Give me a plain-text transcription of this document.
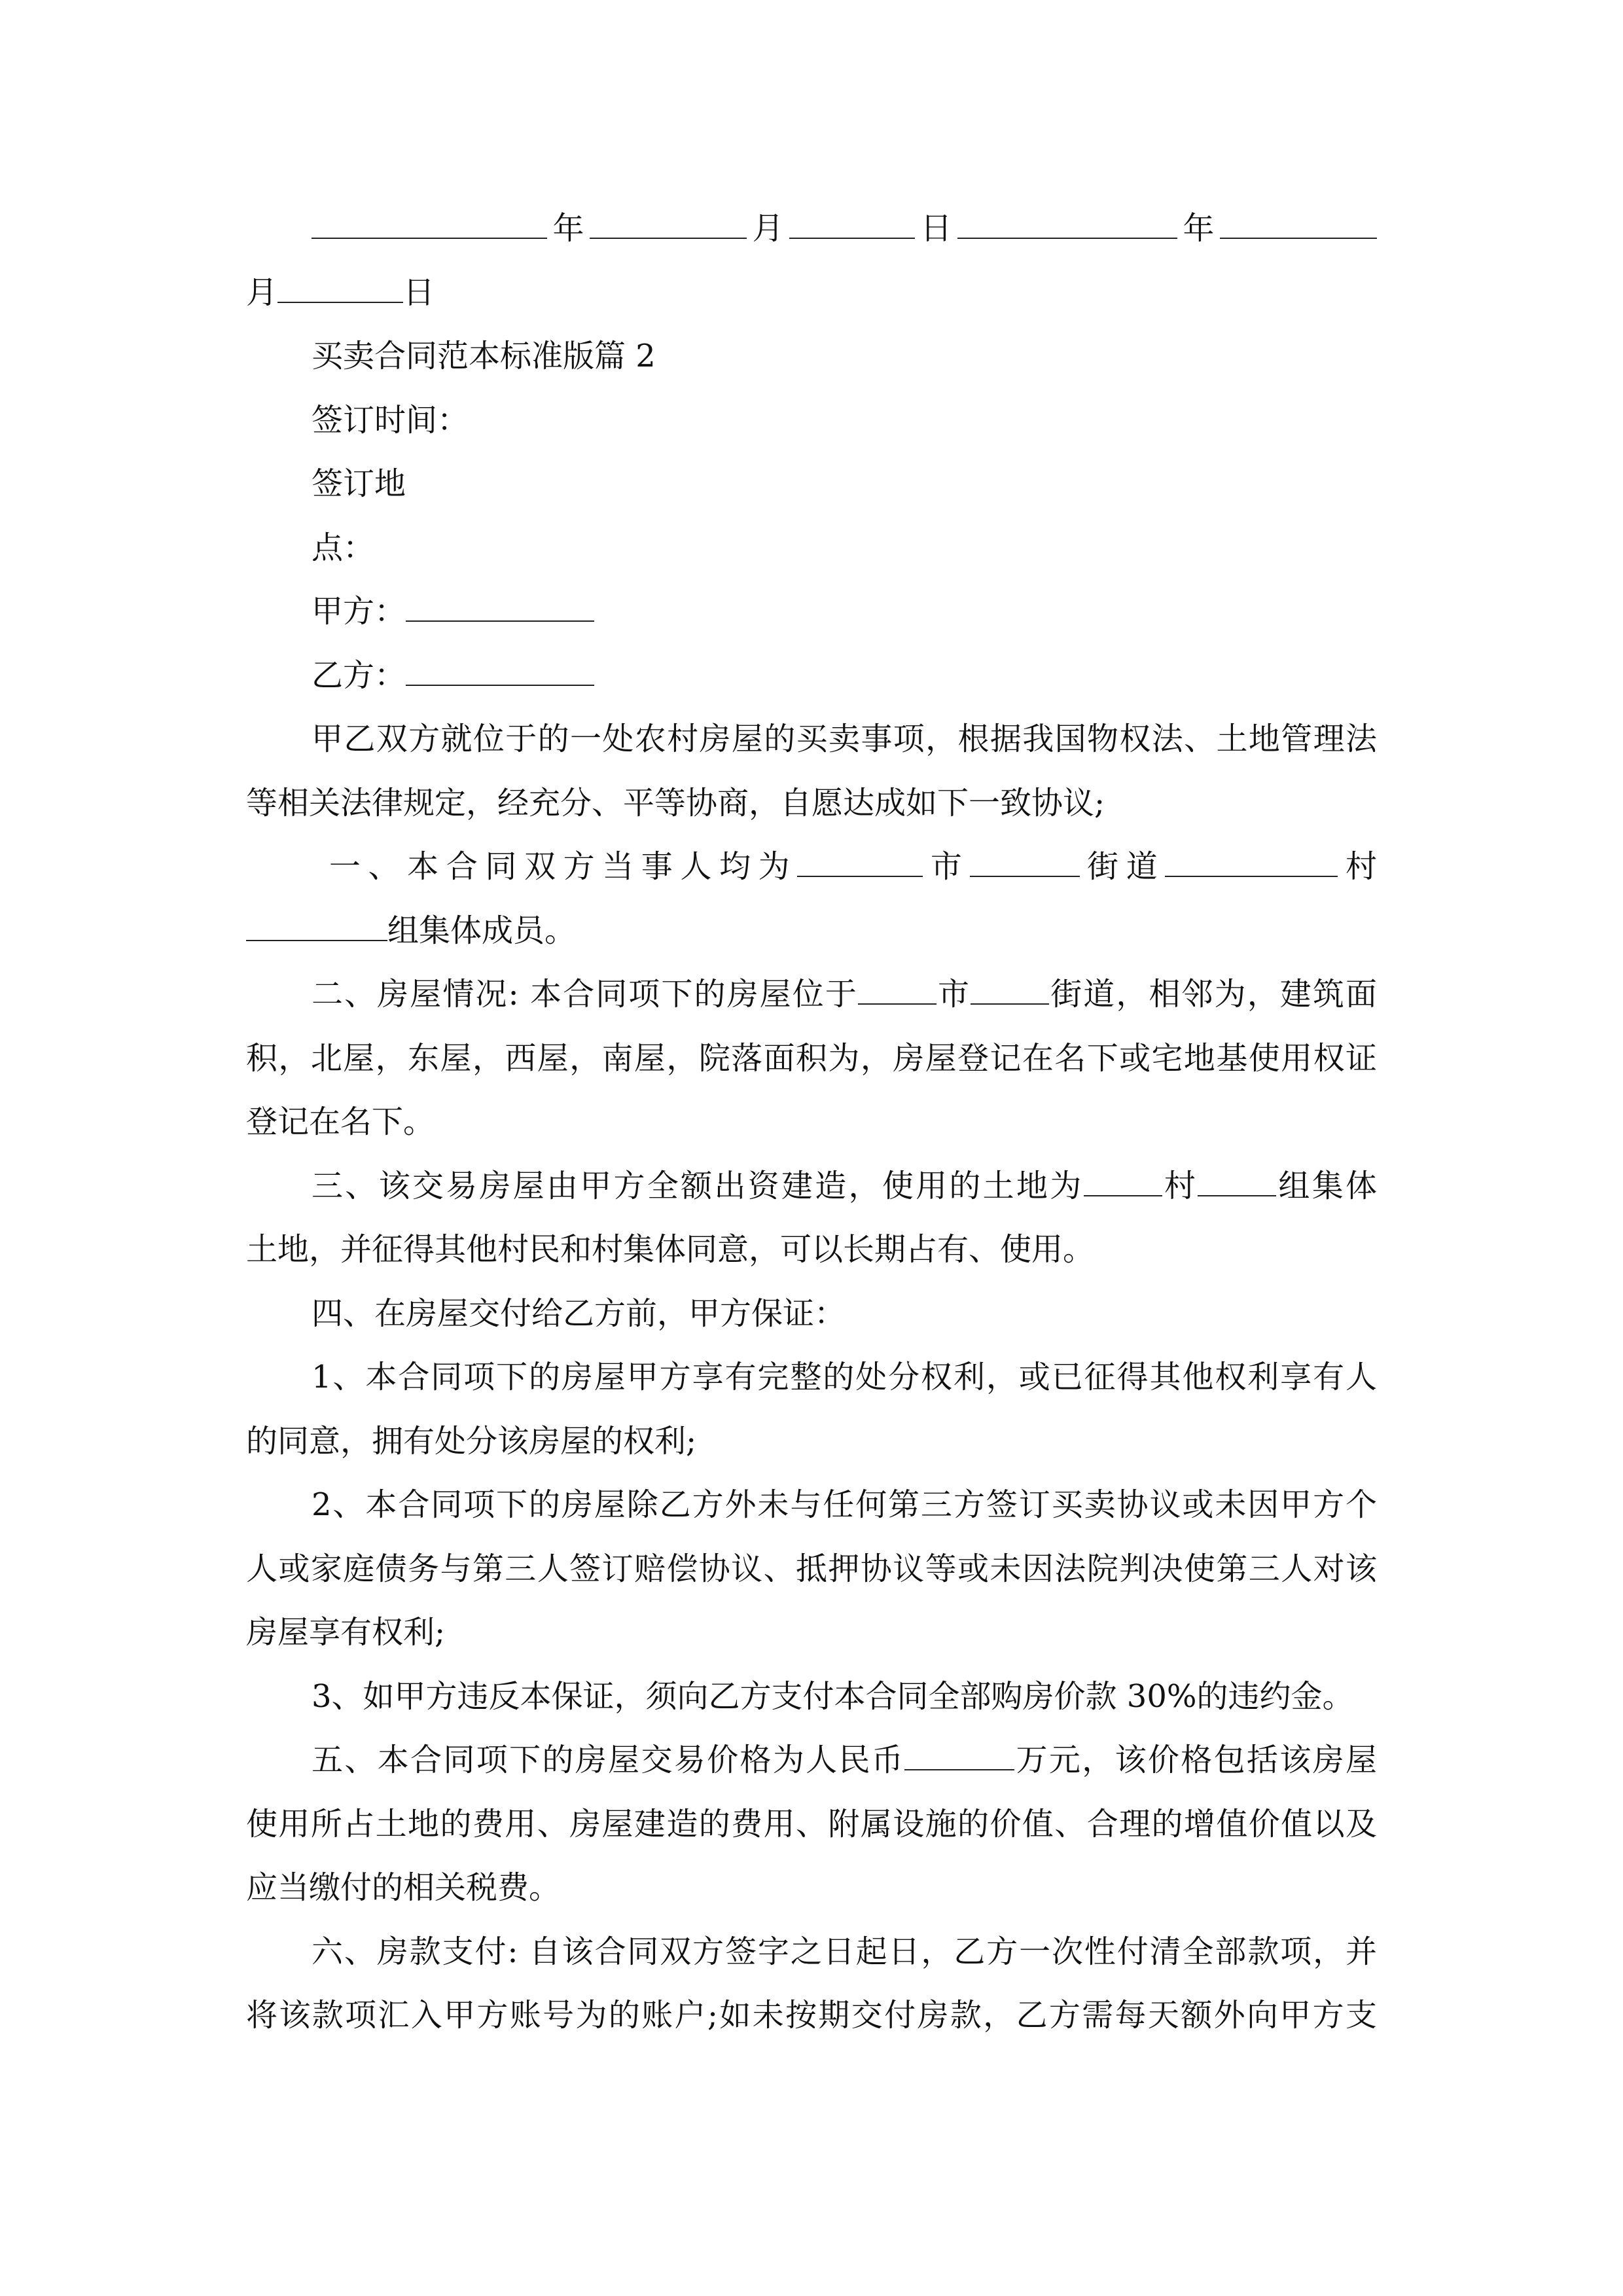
年	月	日	年
月	日
买卖合同范本标准版篇 2
签订时间：
签订地
点：
甲方：
乙方：
甲乙双方就位于的一处农村房屋的买卖事项，根据我国物权法、土地管理法
等相关法律规定，经充分、平等协商，自愿达成如下一致协议;
一、本合同双方当事人均为	市	街道	村
组集体成员。
二、房屋情况: 本合同项下的房屋位于	市	街道，相邻为，建筑面
积，北屋，东屋，西屋，南屋，院落面积为，房屋登记在名下或宅地基使用权证
登记在名下。
三、该交易房屋由甲方全额出资建造，使用的土地为	村	组集体
土地，并征得其他村民和村集体同意，可以长期占有、使用。
四、在房屋交付给乙方前，甲方保证：
1、本合同项下的房屋甲方享有完整的处分权利，或已征得其他权利享有人
的同意，拥有处分该房屋的权利;
2、本合同项下的房屋除乙方外未与任何第三方签订买卖协议或未因甲方个
人或家庭债务与第三人签订赔偿协议、抵押协议等或未因法院判决使第三人对该
房屋享有权利;
3、如甲方违反本保证，须向乙方支付本合同全部购房价款 30%的违约金。
五、本合同项下的房屋交易价格为人民币	万元，该价格包括该房屋
使用所占土地的费用、房屋建造的费用、附属设施的价值、合理的增值价值以及
应当缴付的相关税费。
六、房款支付: 自该合同双方签字之日起日，乙方一次性付清全部款项，并
将该款项汇入甲方账号为的账户;如未按期交付房款，乙方需每天额外向甲方支
